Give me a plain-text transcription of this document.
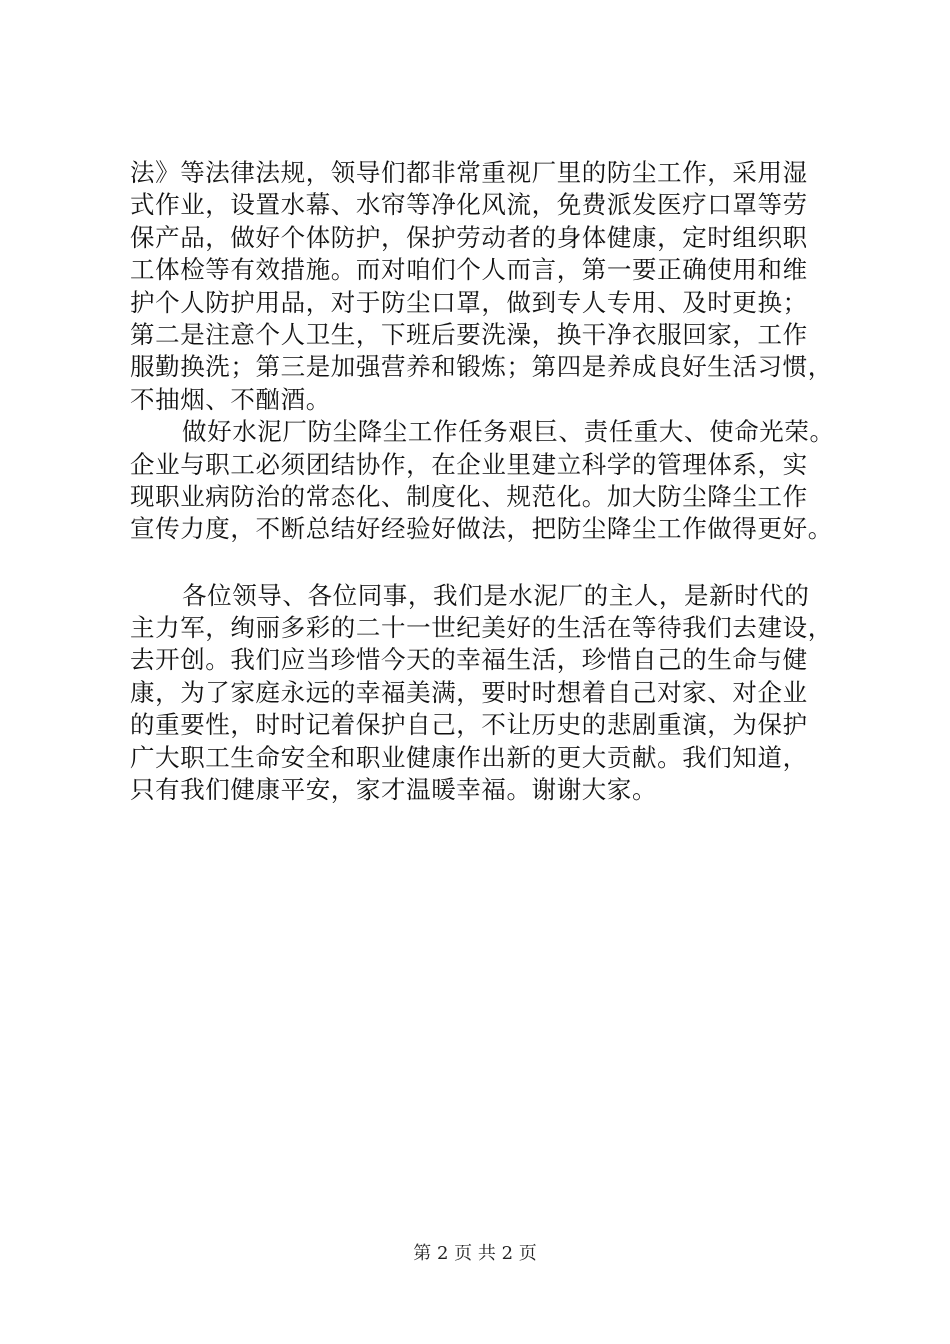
法》等法律法规，领导们都非常重视厂里的防尘工作，采用湿
式作业，设置水幕、水帘等净化风流，免费派发医疗口罩等劳
保产品，做好个体防护，保护劳动者的身体健康，定时组织职
工体检等有效措施。而对咱们个人而言，第一要正确使用和维
护个人防护用品，对于防尘口罩，做到专人专用、及时更换；
第二是注意个人卫生，下班后要洗澡，换干净衣服回家，工作
服勤换洗；第三是加强营养和锻炼；第四是养成良好生活习惯，
不抽烟、不酗酒。
做好水泥厂防尘降尘工作任务艰巨、责任重大、使命光荣。
企业与职工必须团结协作，在企业里建立科学的管理体系，实
现职业病防治的常态化、制度化、规范化。加大防尘降尘工作
宣传力度，不断总结好经验好做法，把防尘降尘工作做得更好。
各位领导、各位同事，我们是水泥厂的主人，是新时代的
主力军，绚丽多彩的二十一世纪美好的生活在等待我们去建设，
去开创。我们应当珍惜今天的幸福生活，珍惜自己的生命与健
康，为了家庭永远的幸福美满，要时时想着自己对家、对企业
的重要性，时时记着保护自己，不让历史的悲剧重演，为保护
广大职工生命安全和职业健康作出新的更大贡献。我们知道，
只有我们健康平安，家才温暖幸福。谢谢大家。
第 2 页 共 2 页
